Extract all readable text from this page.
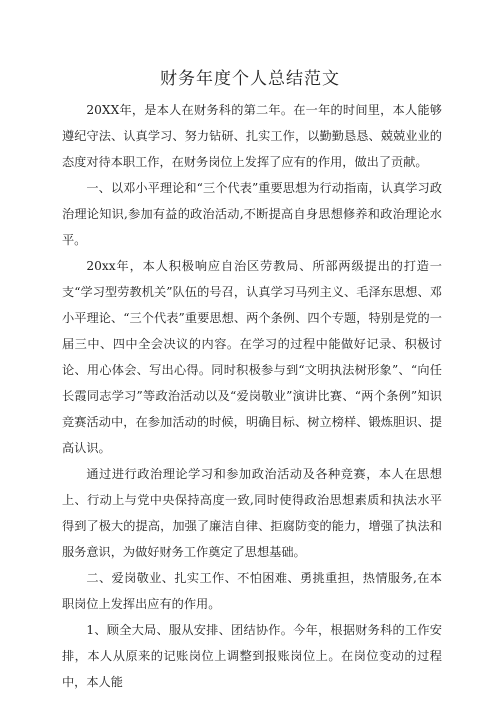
财务年度个人总结范文

20XX年，是本人在财务科的第二年。在一年的时间里，本人能够遵纪守法、认真学习、努力钻研、扎实工作，以勤勤恳恳、兢兢业业的态度对待本职工作，在财务岗位上发挥了应有的作用，做出了贡献。

一、以邓小平理论和“三个代表”重要思想为行动指南，认真学习政治理论知识,参加有益的政治活动,不断提高自身思想修养和政治理论水平。

20xx年，本人积极响应自治区劳教局、所部两级提出的打造一支“学习型劳教机关”队伍的号召，认真学习马列主义、毛泽东思想、邓小平理论、“三个代表”重要思想、两个条例、四个专题，特别是党的一届三中、四中全会决议的内容。在学习的过程中能做好记录、积极讨论、用心体会、写出心得。同时积极参与到“文明执法树形象”、“向任长霞同志学习”等政治活动以及“爱岗敬业”演讲比赛、“两个条例”知识竞赛活动中，在参加活动的时候，明确目标、树立榜样、锻炼胆识、提高认识。

通过进行政治理论学习和参加政治活动及各种竞赛，本人在思想上、行动上与党中央保持高度一致,同时使得政治思想素质和执法水平得到了极大的提高，加强了廉洁自律、拒腐防变的能力，增强了执法和服务意识，为做好财务工作奠定了思想基础。

二、爱岗敬业、扎实工作、不怕困难、勇挑重担，热情服务,在本职岗位上发挥出应有的作用。

1、顾全大局、服从安排、团结协作。今年，根据财务科的工作安排，本人从原来的记账岗位上调整到报账岗位上。在岗位变动的过程中，本人能
